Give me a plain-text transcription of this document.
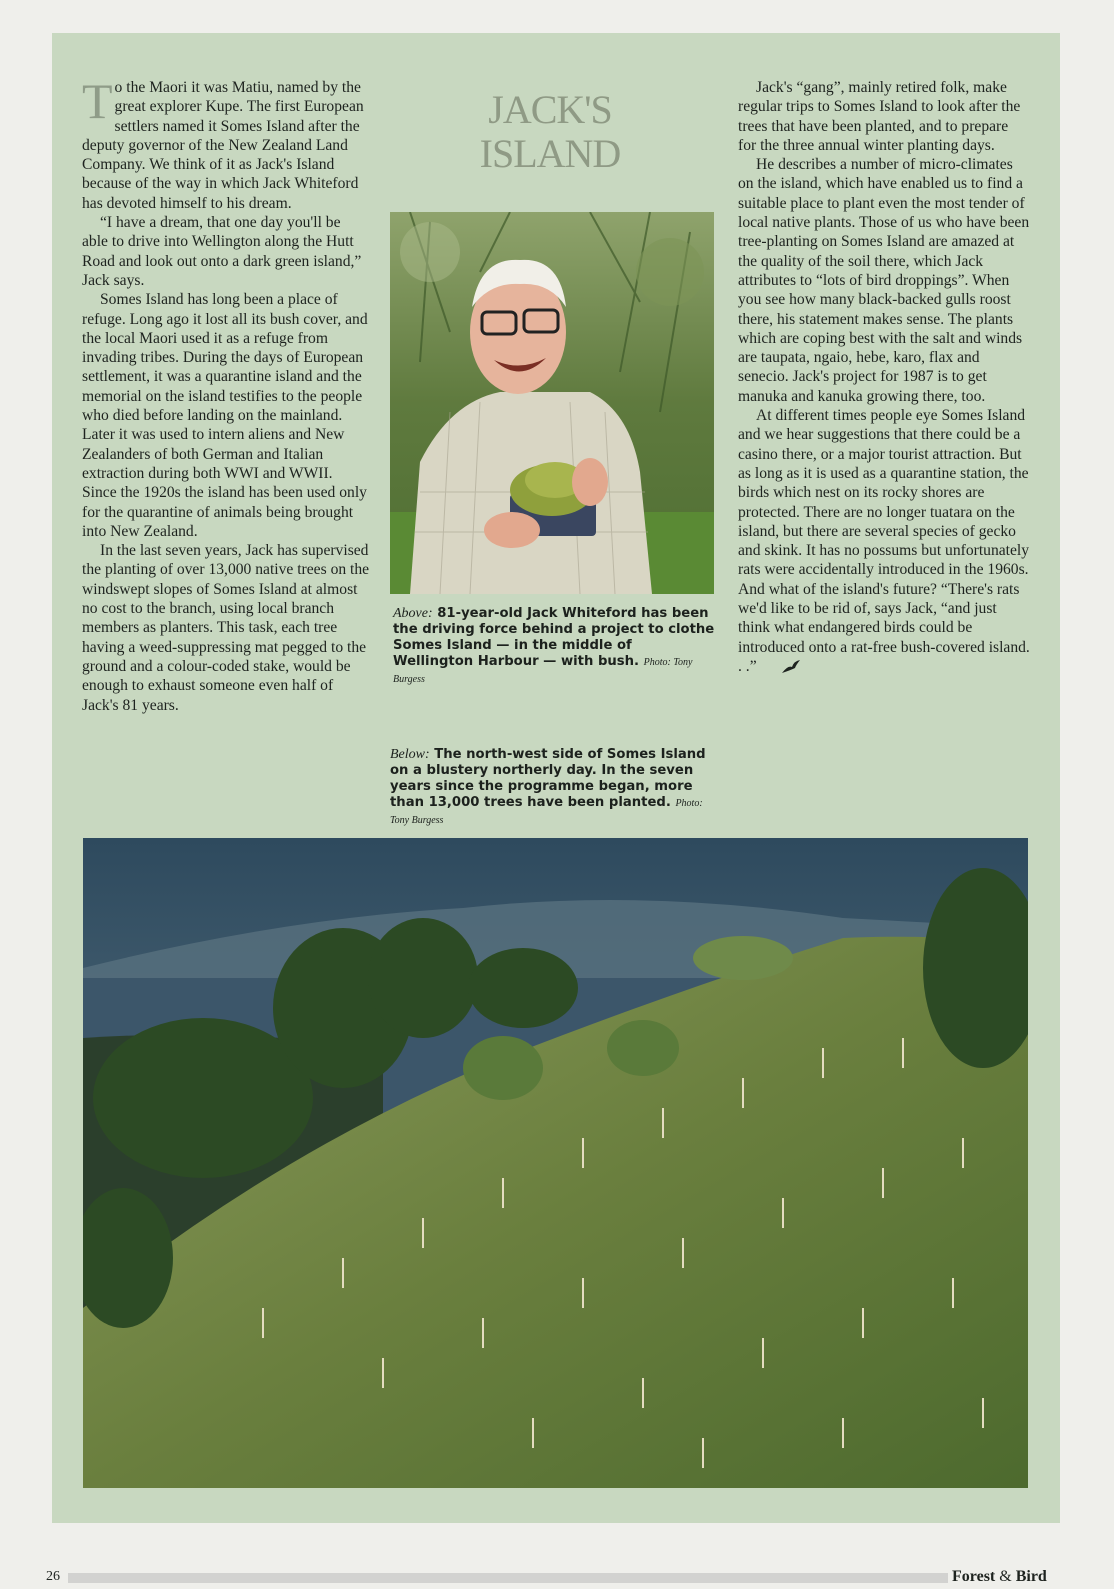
To the Maori it was Matiu, named by the great explorer Kupe. The first European settlers named it Somes Island after the deputy governor of the New Zealand Land Company. We think of it as Jack's Island because of the way in which Jack Whiteford has devoted himself to his dream.

“I have a dream, that one day you'll be able to drive into Wellington along the Hutt Road and look out onto a dark green island,” Jack says.

Somes Island has long been a place of refuge. Long ago it lost all its bush cover, and the local Maori used it as a refuge from invading tribes. During the days of European settlement, it was a quarantine island and the memorial on the island testifies to the people who died before landing on the mainland. Later it was used to intern aliens and New Zealanders of both German and Italian extraction during both WWI and WWII. Since the 1920s the island has been used only for the quarantine of animals being brought into New Zealand.

In the last seven years, Jack has supervised the planting of over 13,000 native trees on the windswept slopes of Somes Island at almost no cost to the branch, using local branch members as planters. This task, each tree having a weed-suppressing mat pegged to the ground and a colour-coded stake, would be enough to exhaust someone even half of Jack's 81 years.

JACK'S
ISLAND
Above: 81-year-old Jack Whiteford has been the driving force behind a project to clothe Somes Island — in the middle of Wellington Harbour — with bush. Photo: Tony Burgess
Below: The north-west side of Somes Island on a blustery northerly day. In the seven years since the programme began, more than 13,000 trees have been planted. Photo: Tony Burgess

Jack's “gang”, mainly retired folk, make regular trips to Somes Island to look after the trees that have been planted, and to prepare for the three annual winter planting days.

He describes a number of micro-climates on the island, which have enabled us to find a suitable place to plant even the most tender of local native plants. Those of us who have been tree-planting on Somes Island are amazed at the quality of the soil there, which Jack attributes to “lots of bird droppings”. When you see how many black-backed gulls roost there, his statement makes sense. The plants which are coping best with the salt and winds are taupata, ngaio, hebe, karo, flax and senecio. Jack's project for 1987 is to get manuka and kanuka growing there, too.

At different times people eye Somes Island and we hear suggestions that there could be a casino there, or a major tourist attraction. But as long as it is used as a quarantine station, the birds which nest on its rocky shores are protected. There are no longer tuatara on the island, but there are several species of gecko and skink. It has no possums but unfortunately rats were accidentally introduced in the 1960s. And what of the island's future? “There's rats we'd like to be rid of, says Jack, “and just think what endangered birds could be introduced onto a rat-free bush-covered island. . .”

26	Forest & Bird
